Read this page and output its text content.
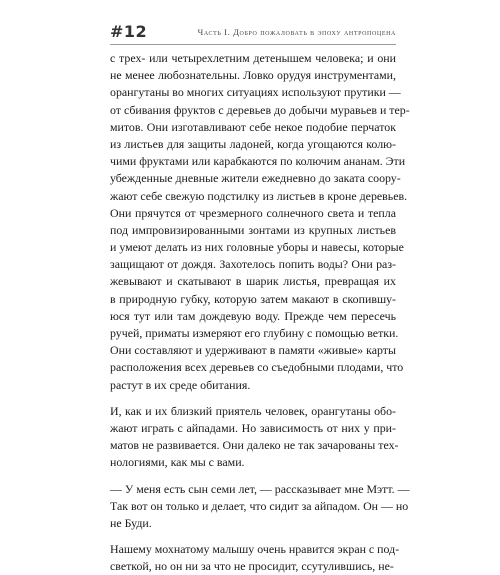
#12	Часть I. Добро пожаловать в эпоху антропоцена
с трех- или четырехлетним детенышем человека; и они
не менее любознательны. Ловко орудуя инструментами,
орангутаны во многих ситуациях используют прутики —
от сбивания фруктов с деревьев до добычи муравьев и тер-
митов. Они изготавливают себе некое подобие перчаток
из листьев для защиты ладоней, когда угощаются колю-
чими фруктами или карабкаются по колючим ананам. Эти
убежденные дневные жители ежедневно до заката соору-
жают себе свежую подстилку из листьев в кроне деревьев.
Они прячутся от чрезмерного солнечного света и тепла
под импровизированными зонтами из крупных листьев
и умеют делать из них головные уборы и навесы, которые
защищают от дождя. Захотелось попить воды? Они раз-
жевывают и скатывают в шарик листья, превращая их
в природную губку, которую затем макают в скопившу-
юся тут или там дождевую воду. Прежде чем пересечь
ручей, приматы измеряют его глубину с помощью ветки.
Они составляют и удерживают в памяти «живые» карты
расположения всех деревьев со съедобными плодами, что
растут в их среде обитания.
И, как и их близкий приятель человек, орангутаны обо-
жают играть с айпадами. Но зависимость от них у при-
матов не развивается. Они далеко не так зачарованы тех-
нологиями, как мы с вами.
— У меня есть сын семи лет, — рассказывает мне Мэтт. —
Так вот он только и делает, что сидит за айпадом. Он — но
не Буди.
Нашему мохнатому малышу очень нравится экран с под-
светкой, но он ни за что не просидит, ссутулившись, не-
